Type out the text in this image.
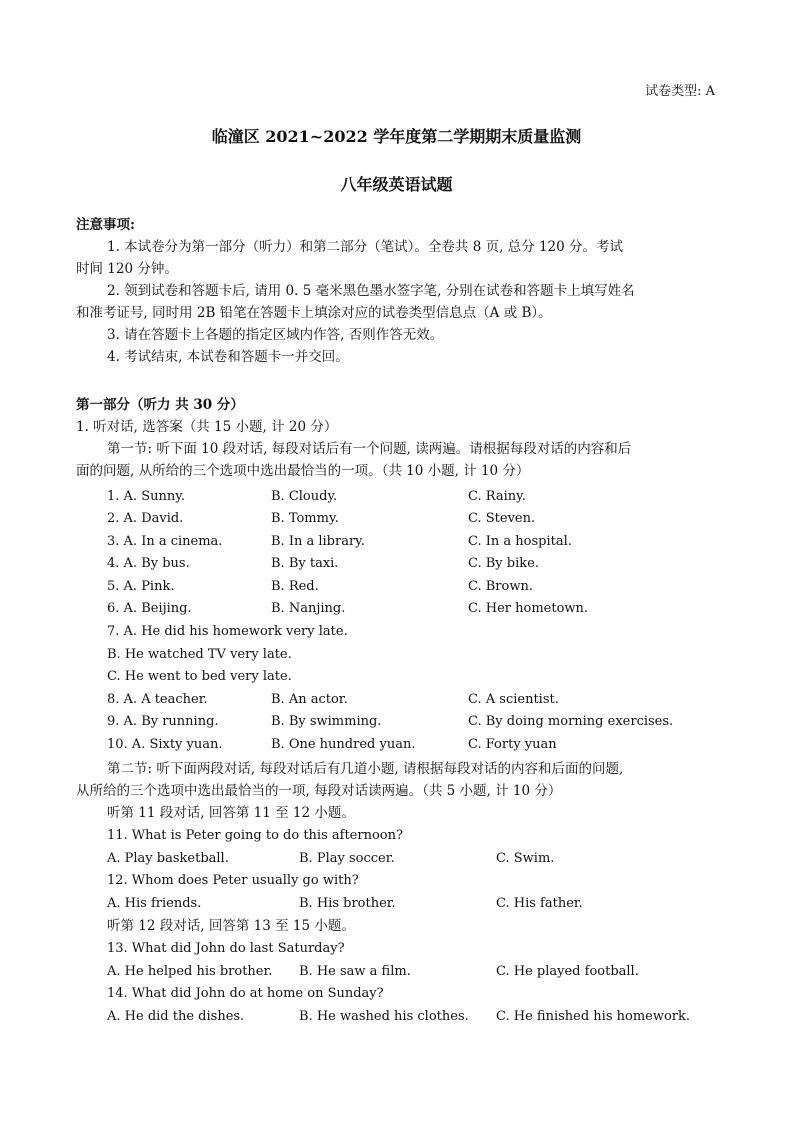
试卷类型: A
临潼区 2021~2022 学年度第二学期期末质量监测
八年级英语试题
注意事项:
1. 本试卷分为第一部分（听力）和第二部分（笔试）。全卷共 8 页, 总分 120 分。考试
时间 120 分钟。
2. 领到试卷和答题卡后, 请用 0. 5 毫米黑色墨水签字笔, 分别在试卷和答题卡上填写姓名
和准考证号, 同时用 2B 铅笔在答题卡上填涂对应的试卷类型信息点（A 或 B）。
3. 请在答题卡上各题的指定区域内作答, 否则作答无效。
4. 考试结束, 本试卷和答题卡一并交回。
第一部分（听力 共 30 分）
1. 听对话, 选答案（共 15 小题, 计 20 分）
第一节: 听下面 10 段对话, 每段对话后有一个问题, 读两遍。请根据每段对话的内容和后
面的问题, 从所给的三个选项中选出最恰当的一项。（共 10 小题, 计 10 分）
1. A. Sunny.	B. Cloudy.	C. Rainy.
2. A. David.	B. Tommy.	C. Steven.
3. A. In a cinema.	B. In a library.	C. In a hospital.
4. A. By bus.	B. By taxi.	C. By bike.
5. A. Pink.	B. Red.	C. Brown.
6. A. Beijing.	B. Nanjing.	C. Her hometown.
7. A. He did his homework very late.
B. He watched TV very late.
C. He went to bed very late.
8. A. A teacher.	B. An actor.	C. A scientist.
9. A. By running.	B. By swimming.	C. By doing morning exercises.
10. A. Sixty yuan.	B. One hundred yuan.	C. Forty yuan
第二节: 听下面两段对话, 每段对话后有几道小题, 请根据每段对话的内容和后面的问题,
从所给的三个选项中选出最恰当的一项, 每段对话读两遍。（共 5 小题, 计 10 分）
听第 11 段对话, 回答第 11 至 12 小题。
11. What is Peter going to do this afternoon?
A. Play basketball.	B. Play soccer.	C. Swim.
12. Whom does Peter usually go with?
A. His friends.	B. His brother.	C. His father.
听第 12 段对话, 回答第 13 至 15 小题。
13. What did John do last Saturday?
A. He helped his brother. B. He saw a film.	C. He played football.
14. What did John do at home on Sunday?
A. He did the dishes.	B. He washed his clothes. C. He finished his homework.
